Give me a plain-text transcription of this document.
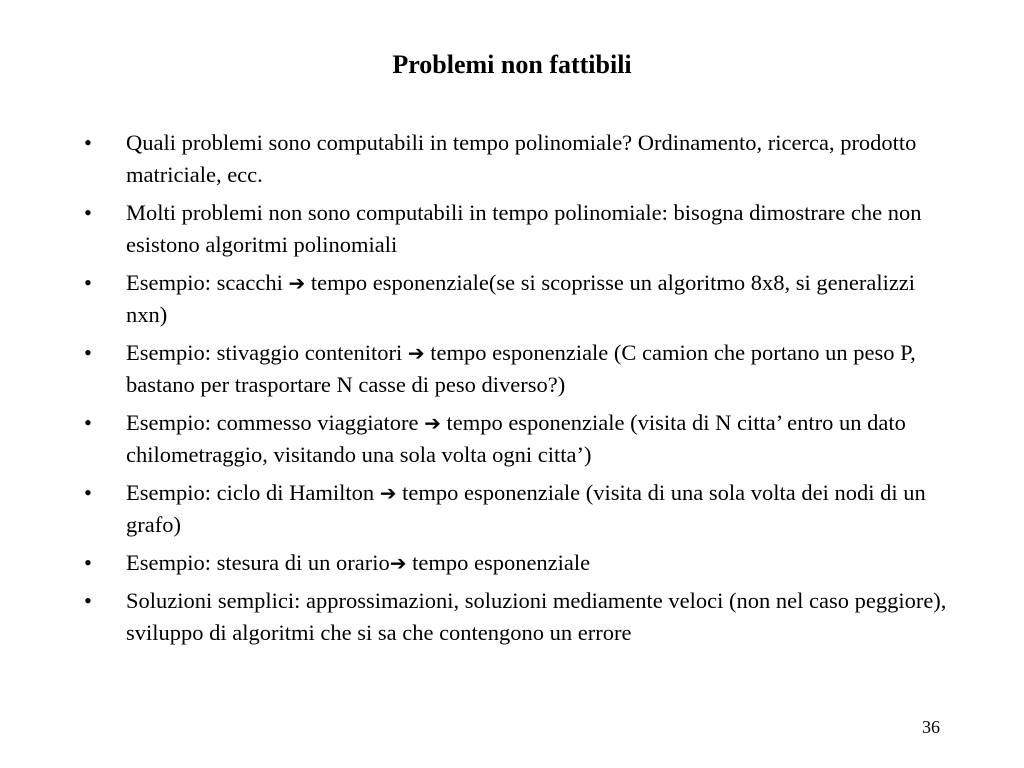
Problemi non fattibili
•	Quali problemi sono computabili in tempo polinomiale? Ordinamento, ricerca, prodotto matriciale, ecc.
•	Molti problemi non sono computabili in tempo polinomiale: bisogna dimostrare che non esistono algoritmi polinomiali
•	Esempio: scacchi ➔ tempo esponenziale(se si scoprisse un algoritmo 8x8, si generalizzi nxn)
•	Esempio: stivaggio contenitori ➔ tempo esponenziale (C camion che portano un peso P, bastano per trasportare N casse di peso diverso?)
•	Esempio: commesso viaggiatore ➔ tempo esponenziale (visita di N citta’ entro un dato chilometraggio, visitando una sola volta ogni citta’)
•	Esempio: ciclo di Hamilton ➔ tempo esponenziale (visita di una sola volta dei nodi di un grafo)
•	Esempio: stesura di un orario➔ tempo esponenziale
•	Soluzioni semplici: approssimazioni, soluzioni mediamente veloci (non nel caso peggiore), sviluppo di algoritmi che si sa che contengono un errore
36
